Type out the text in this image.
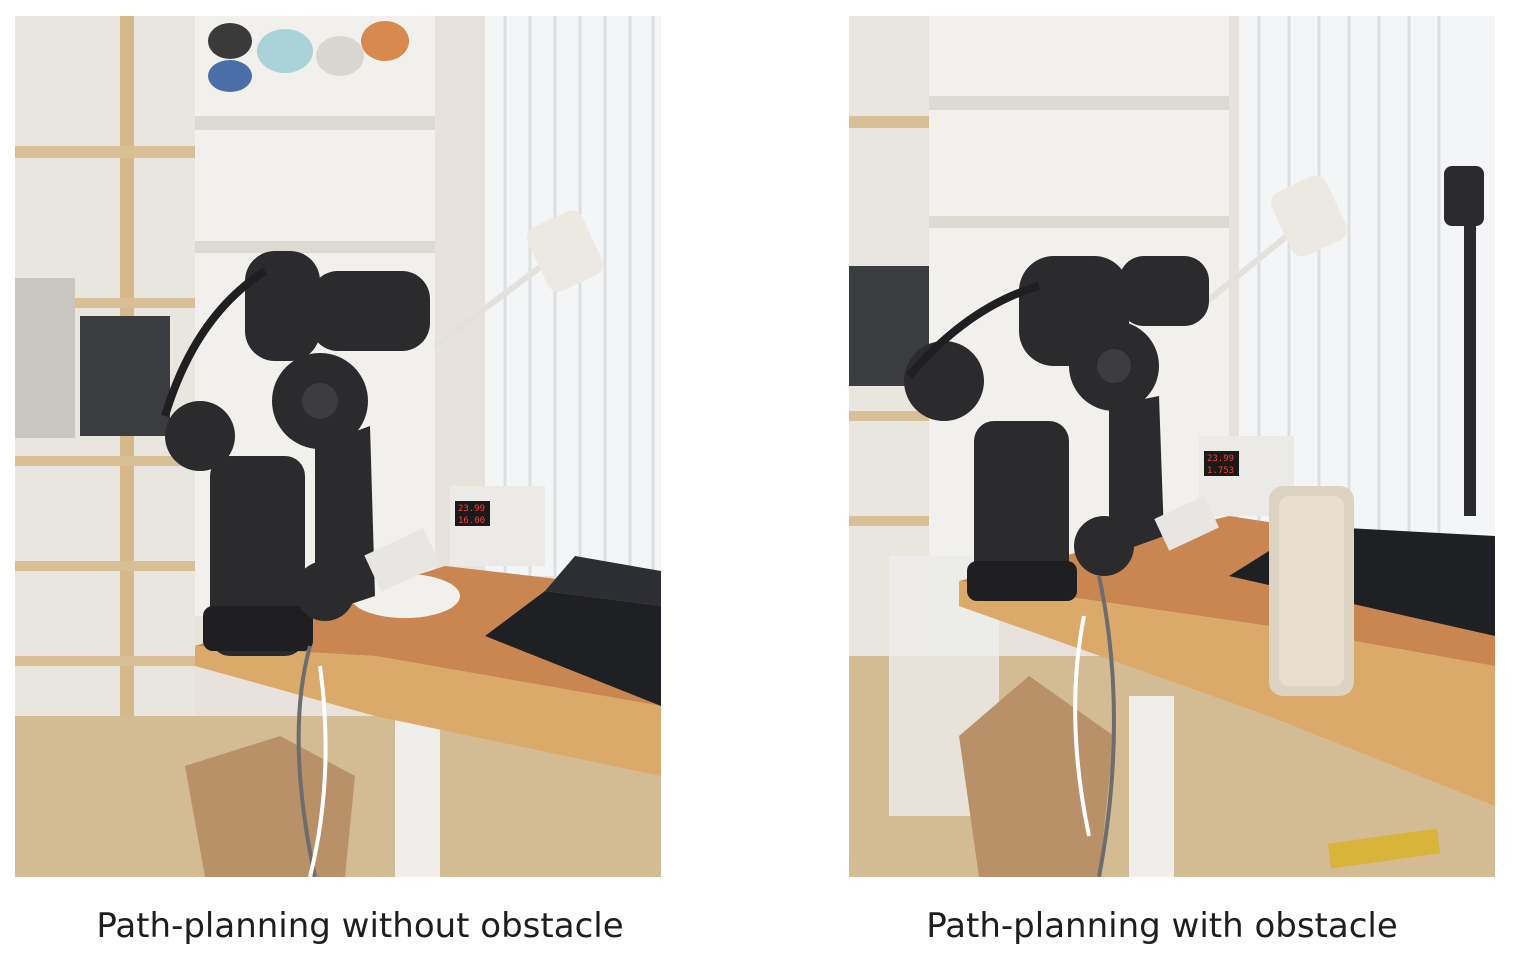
23.99
16.00
23.99
1.753
Path-planning without obstacle	Path-planning with obstacle
